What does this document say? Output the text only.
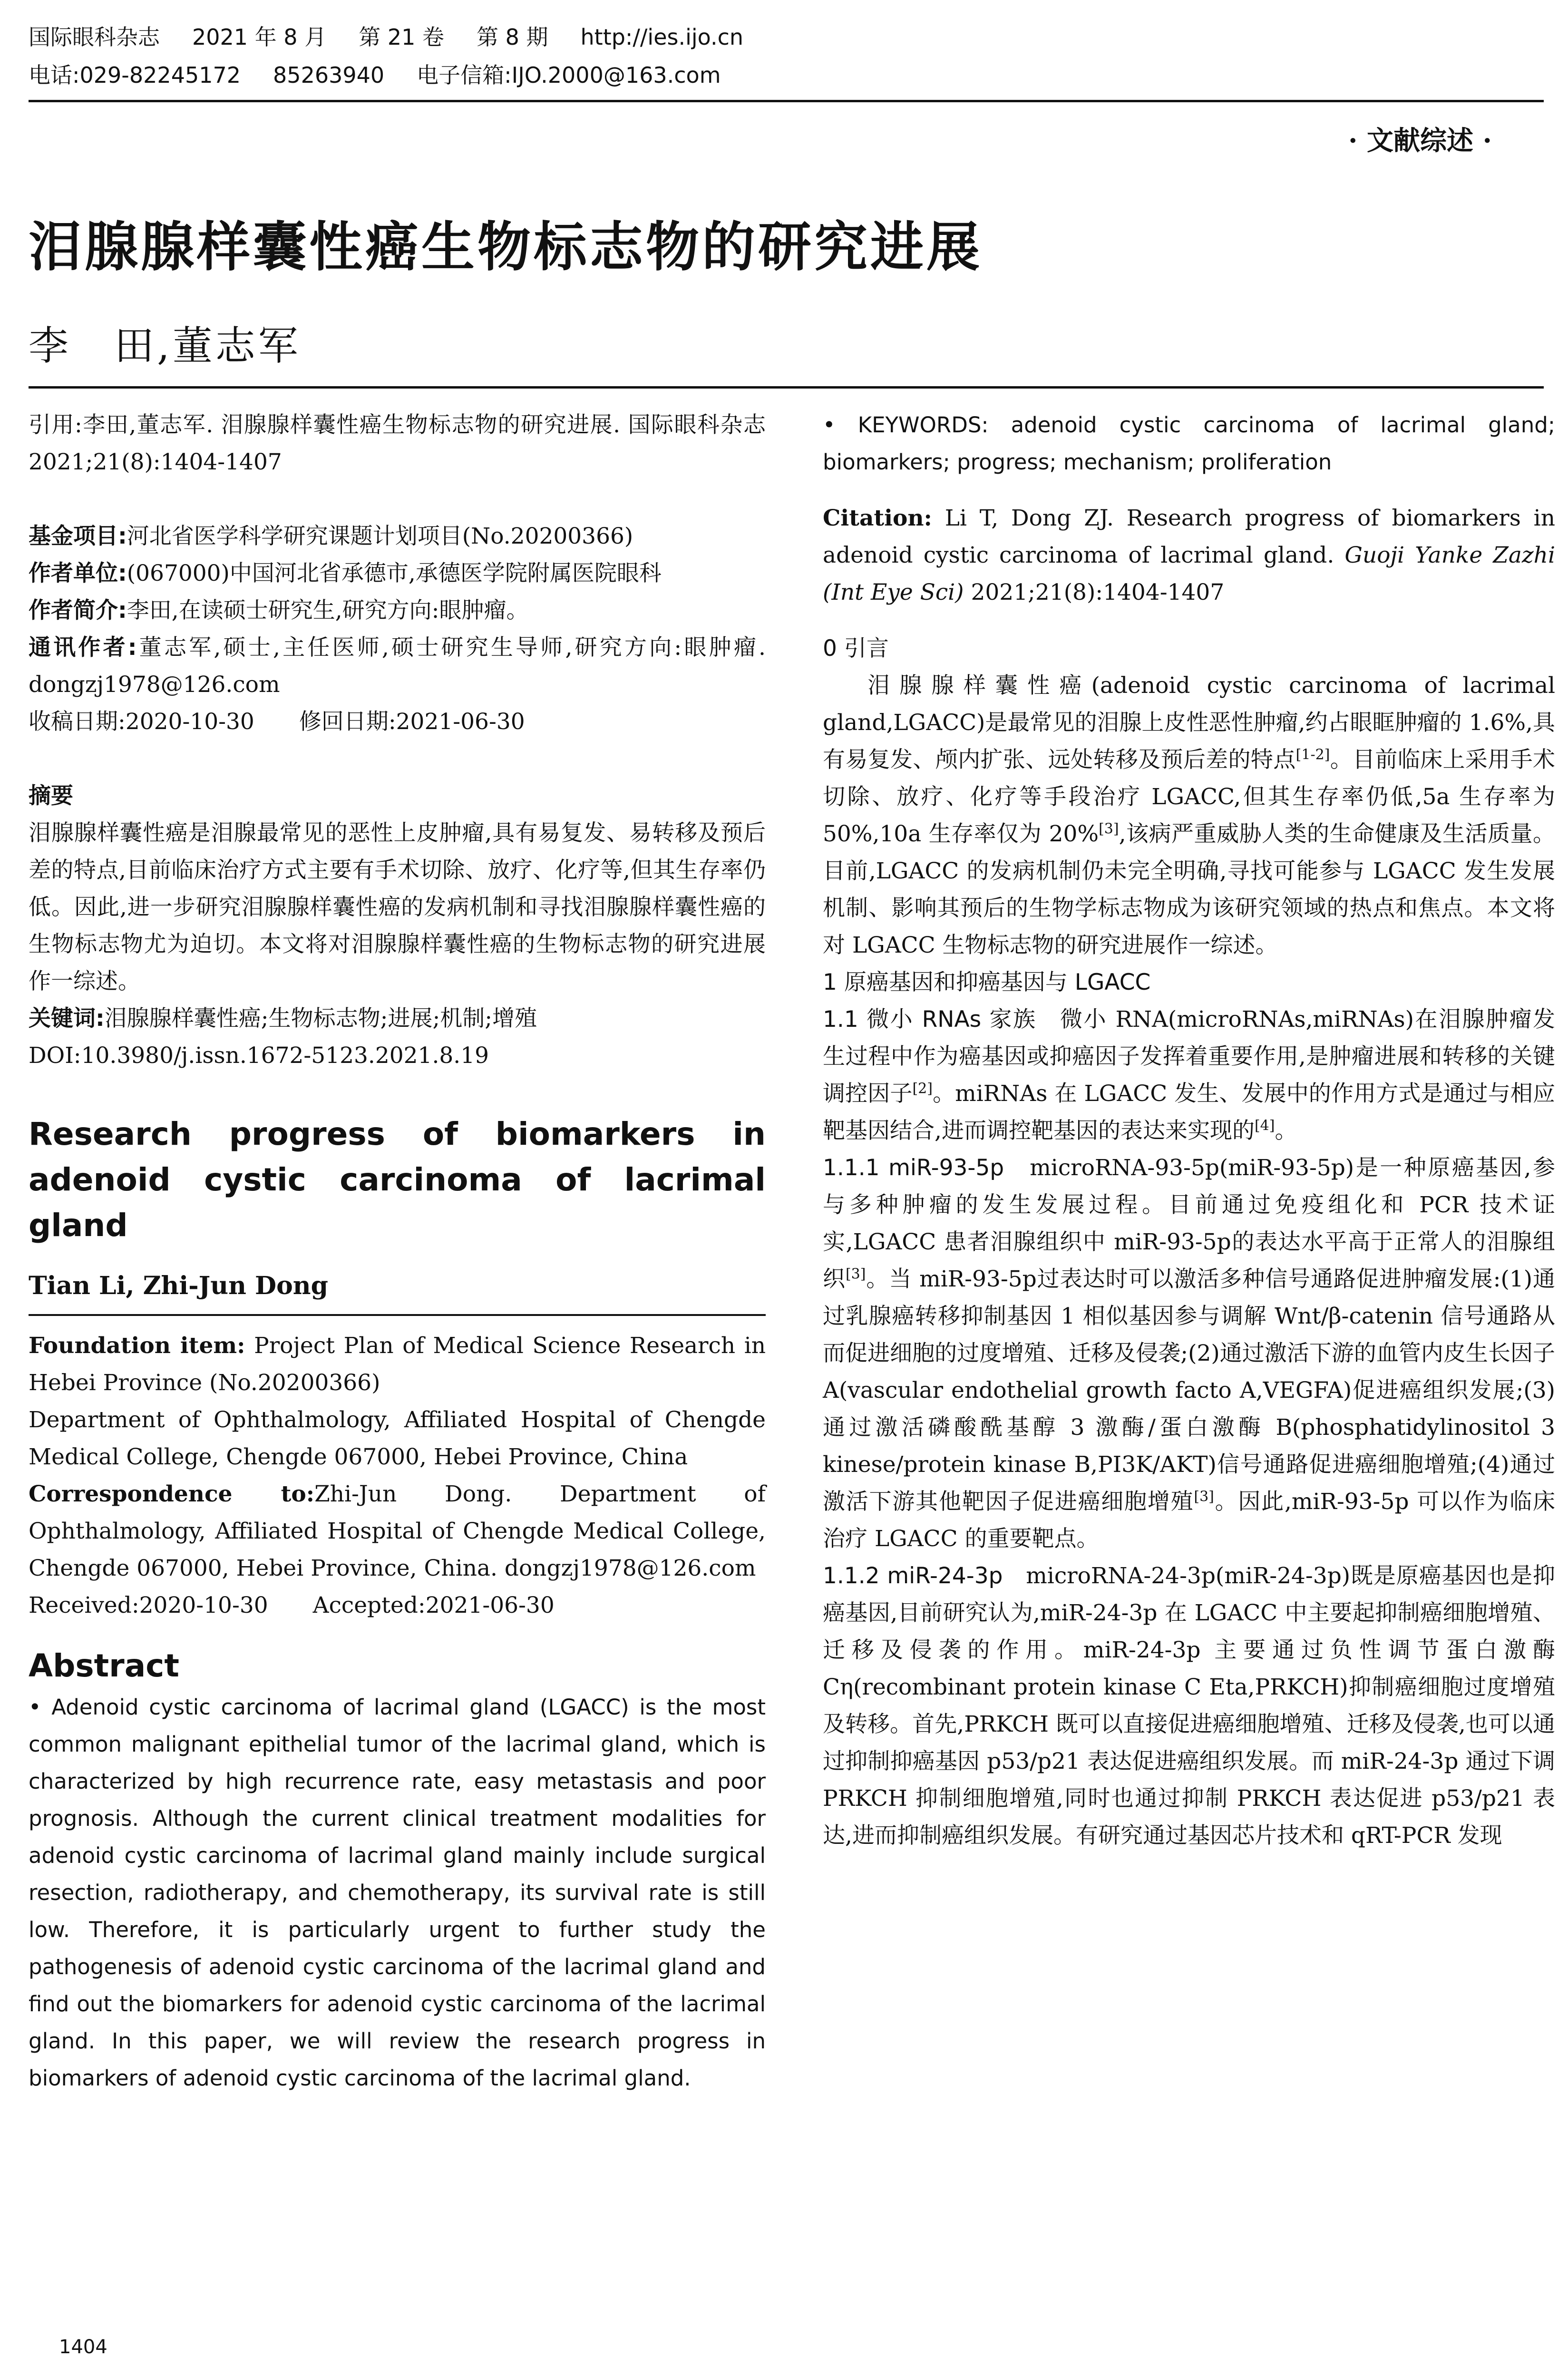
国际眼科杂志 2021 年 8 月 第 21 卷 第 8 期 http://ies.ijo.cn
电话:029-82245172 85263940 电子信箱:IJO.2000@163.com
· 文献综述 ·
泪腺腺样囊性癌生物标志物的研究进展
李　田,董志军

引用:李田,董志军. 泪腺腺样囊性癌生物标志物的研究进展. 国际眼科杂志 2021;21(8):1404-1407

基金项目:河北省医学科学研究课题计划项目(No.20200366)

作者单位:(067000)中国河北省承德市,承德医学院附属医院眼科

作者简介:李田,在读硕士研究生,研究方向:眼肿瘤。

通讯作者:董志军,硕士,主任医师,硕士研究生导师,研究方向:眼肿瘤. dongzj1978@126.com

收稿日期:2020-10-30　　修回日期:2021-06-30

摘要

泪腺腺样囊性癌是泪腺最常见的恶性上皮肿瘤,具有易复发、易转移及预后差的特点,目前临床治疗方式主要有手术切除、放疗、化疗等,但其生存率仍低。因此,进一步研究泪腺腺样囊性癌的发病机制和寻找泪腺腺样囊性癌的生物标志物尤为迫切。本文将对泪腺腺样囊性癌的生物标志物的研究进展作一综述。

关键词:泪腺腺样囊性癌;生物标志物;进展;机制;增殖

DOI:10.3980/j.issn.1672-5123.2021.8.19

Research progress of biomarkers in adenoid cystic carcinoma of lacrimal gland

Tian Li, Zhi-Jun Dong

Foundation item: Project Plan of Medical Science Research in Hebei Province (No.20200366)

Department of Ophthalmology, Affiliated Hospital of Chengde Medical College, Chengde 067000, Hebei Province, China

Correspondence to:Zhi-Jun Dong. Department of Ophthalmology, Affiliated Hospital of Chengde Medical College, Chengde 067000, Hebei Province, China. dongzj1978@126.com

Received:2020-10-30　　Accepted:2021-06-30

Abstract

• Adenoid cystic carcinoma of lacrimal gland (LGACC) is the most common malignant epithelial tumor of the lacrimal gland, which is characterized by high recurrence rate, easy metastasis and poor prognosis. Although the current clinical treatment modalities for adenoid cystic carcinoma of lacrimal gland mainly include surgical resection, radiotherapy, and chemotherapy, its survival rate is still low. Therefore, it is particularly urgent to further study the pathogenesis of adenoid cystic carcinoma of the lacrimal gland and find out the biomarkers for adenoid cystic carcinoma of the lacrimal gland. In this paper, we will review the research progress in biomarkers of adenoid cystic carcinoma of the lacrimal gland.

• KEYWORDS: adenoid cystic carcinoma of lacrimal gland; biomarkers; progress; mechanism; proliferation

Citation: Li T, Dong ZJ. Research progress of biomarkers in adenoid cystic carcinoma of lacrimal gland. Guoji Yanke Zazhi (Int Eye Sci) 2021;21(8):1404-1407

0 引言

泪腺腺样囊性癌(adenoid cystic carcinoma of lacrimal gland,LGACC)是最常见的泪腺上皮性恶性肿瘤,约占眼眶肿瘤的 1.6%,具有易复发、颅内扩张、远处转移及预后差的特点[1-2]。目前临床上采用手术切除、放疗、化疗等手段治疗 LGACC,但其生存率仍低,5a 生存率为 50%,10a 生存率仅为 20%[3],该病严重威胁人类的生命健康及生活质量。目前,LGACC 的发病机制仍未完全明确,寻找可能参与 LGACC 发生发展机制、影响其预后的生物学标志物成为该研究领域的热点和焦点。本文将对 LGACC 生物标志物的研究进展作一综述。

1 原癌基因和抑癌基因与 LGACC

1.1 微小 RNAs 家族　微小 RNA(microRNAs,miRNAs)在泪腺肿瘤发生过程中作为癌基因或抑癌因子发挥着重要作用,是肿瘤进展和转移的关键调控因子[2]。miRNAs 在 LGACC 发生、发展中的作用方式是通过与相应靶基因结合,进而调控靶基因的表达来实现的[4]。

1.1.1 miR-93-5p　microRNA-93-5p(miR-93-5p)是一种原癌基因,参与多种肿瘤的发生发展过程。目前通过免疫组化和 PCR 技术证实,LGACC 患者泪腺组织中 miR-93-5p的表达水平高于正常人的泪腺组织[3]。当 miR-93-5p过表达时可以激活多种信号通路促进肿瘤发展:(1)通过乳腺癌转移抑制基因 1 相似基因参与调解 Wnt/β-catenin 信号通路从而促进细胞的过度增殖、迁移及侵袭;(2)通过激活下游的血管内皮生长因子 A(vascular endothelial growth facto A,VEGFA)促进癌组织发展;(3)通过激活磷酸酰基醇 3 激酶/蛋白激酶 B(phosphatidylinositol 3 kinese/protein kinase B,PI3K/AKT)信号通路促进癌细胞增殖;(4)通过激活下游其他靶因子促进癌细胞增殖[3]。因此,miR-93-5p 可以作为临床治疗 LGACC 的重要靶点。

1.1.2 miR-24-3p　microRNA-24-3p(miR-24-3p)既是原癌基因也是抑癌基因,目前研究认为,miR-24-3p 在 LGACC 中主要起抑制癌细胞增殖、迁移及侵袭的作用。miR-24-3p 主要通过负性调节蛋白激酶 Cη(recombinant protein kinase C Eta,PRKCH)抑制癌细胞过度增殖及转移。首先,PRKCH 既可以直接促进癌细胞增殖、迁移及侵袭,也可以通过抑制抑癌基因 p53/p21 表达促进癌组织发展。而 miR-24-3p 通过下调 PRKCH 抑制细胞增殖,同时也通过抑制 PRKCH 表达促进 p53/p21 表达,进而抑制癌组织发展。有研究通过基因芯片技术和 qRT-PCR 发现

1404
